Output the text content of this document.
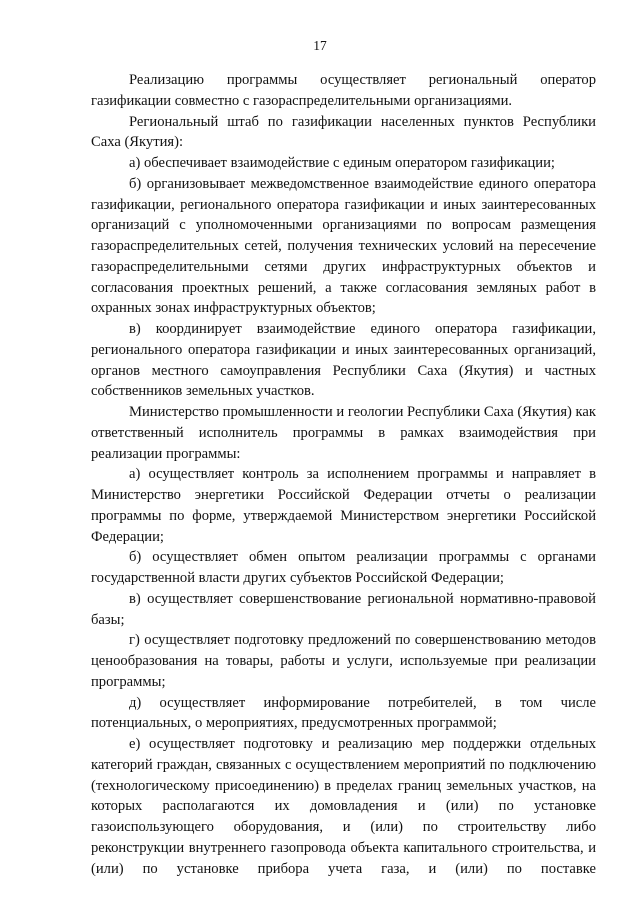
17

Реализацию программы осуществляет региональный оператор газификации совместно с газораспределительными организациями.

Региональный штаб по газификации населенных пунктов Республики Саха (Якутия):

а) обеспечивает взаимодействие с единым оператором газификации;

б) организовывает межведомственное взаимодействие единого оператора газификации, регионального оператора газификации и иных заинтересованных организаций с уполномоченными организациями по вопросам размещения газораспределительных сетей, получения технических условий на пересечение газораспределительными сетями других инфраструктурных объектов и согласования проектных решений, а также согласования земляных работ в охранных зонах инфраструктурных объектов;

в) координирует взаимодействие единого оператора газификации, регионального оператора газификации и иных заинтересованных организаций, органов местного самоуправления Республики Саха (Якутия) и частных собственников земельных участков.

Министерство промышленности и геологии Республики Саха (Якутия) как ответственный исполнитель программы в рамках взаимодействия при реализации программы:

а) осуществляет контроль за исполнением программы и направляет в Министерство энергетики Российской Федерации отчеты о реализации программы по форме, утверждаемой Министерством энергетики Российской Федерации;

б) осуществляет обмен опытом реализации программы с органами государственной власти других субъектов Российской Федерации;

в) осуществляет совершенствование региональной нормативно-правовой базы;

г) осуществляет подготовку предложений по совершенствованию методов ценообразования на товары, работы и услуги, используемые при реализации программы;

д) осуществляет информирование потребителей, в том числе потенциальных, о мероприятиях, предусмотренных программой;

е) осуществляет подготовку и реализацию мер поддержки отдельных категорий граждан, связанных с осуществлением мероприятий по подключению (технологическому присоединению) в пределах границ земельных участков, на которых располагаются их домовладения и (или) по установке газоиспользующего оборудования, и (или) по строительству либо реконструкции внутреннего газопровода объекта капитального строительства, и (или) по установке прибора учета газа, и (или) по поставке
